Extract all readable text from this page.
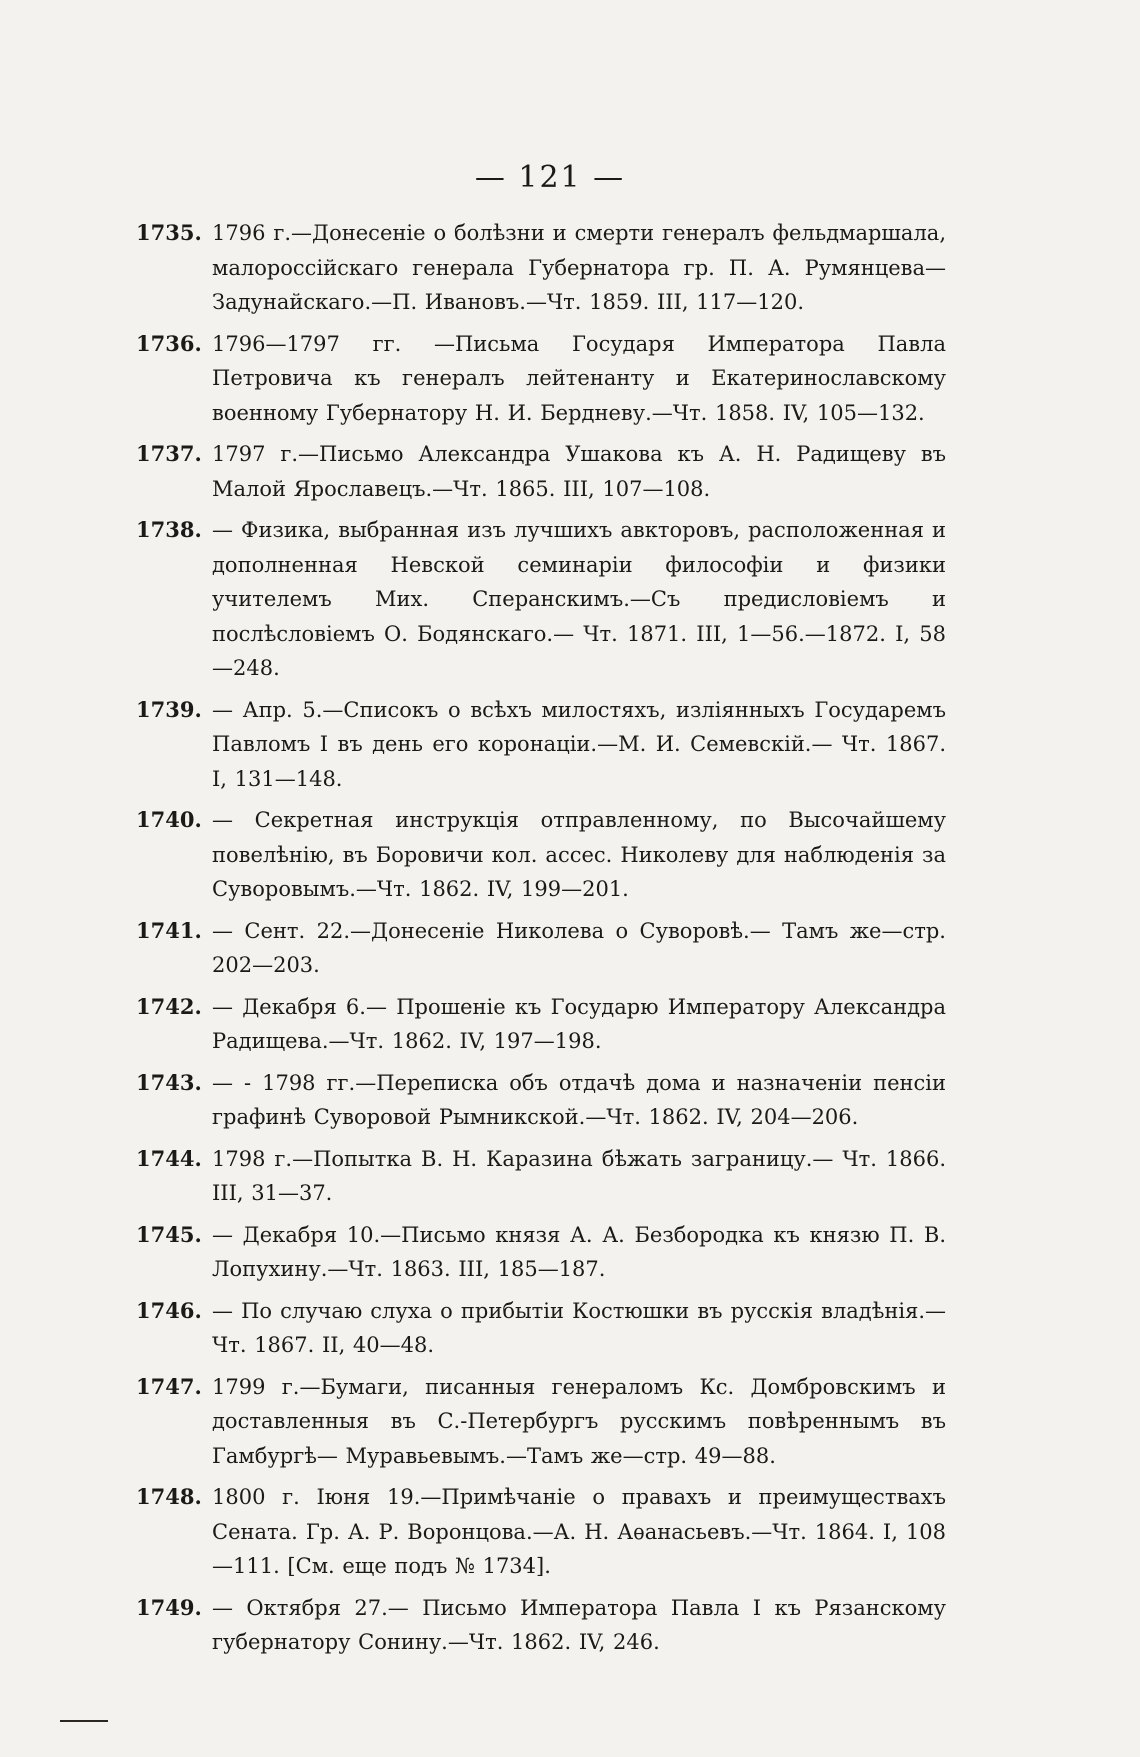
— 121 —
1735. 1796 г.—Донесеніе о болѣзни и смерти генералъ фельдмаршала, малороссійскаго генерала Губернатора гр. П. А. Румянцева—Задунайскаго.—П. Ивановъ.—Чт. 1859. III, 117—120.
1736. 1796—1797 гг. —Письма Государя Императора Павла Петровича къ генералъ лейтенанту и Екатеринославскому военному Губернатору Н. И. Бердневу.—Чт. 1858. IV, 105—132.
1737. 1797 г.—Письмо Александра Ушакова къ А. Н. Радищеву въ Малой Ярославецъ.—Чт. 1865. III, 107—108.
1738. — Физика, выбранная изъ лучшихъ авкторовъ, расположенная и дополненная Невской семинаріи философіи и физики учителемъ Мих. Сперанскимъ.—Съ предисловіемъ и послѣсловіемъ О. Бодянскаго.— Чт. 1871. III, 1—56.—1872. I, 58—248.
1739. — Апр. 5.—Списокъ о всѣхъ милостяхъ, изліянныхъ Государемъ Павломъ I въ день его коронаціи.—М. И. Семевскій.— Чт. 1867. I, 131—148.
1740. — Секретная инструкція отправленному, по Высочайшему повелѣнію, въ Боровичи кол. ассес. Николеву для наблюденія за Суворовымъ.—Чт. 1862. IV, 199—201.
1741. — Сент. 22.—Донесеніе Николева о Суворовѣ.— Тамъ же—стр. 202—203.
1742. — Декабря 6.— Прошеніе къ Государю Императору Александра Радищева.—Чт. 1862. IV, 197—198.
1743. — - 1798 гг.—Переписка объ отдачѣ дома и назначеніи пенсіи графинѣ Суворовой Рымникской.—Чт. 1862. IV, 204—206.
1744. 1798 г.—Попытка В. Н. Каразина бѣжать заграницу.— Чт. 1866. III, 31—37.
1745. — Декабря 10.—Письмо князя А. А. Безбородка къ князю П. В. Лопухину.—Чт. 1863. III, 185—187.
1746. — По случаю слуха о прибытіи Костюшки въ русскія владѣнія.— Чт. 1867. II, 40—48.
1747. 1799 г.—Бумаги, писанныя генераломъ Кс. Домбровскимъ и доставленныя въ С.-Петербургъ русскимъ повѣреннымъ въ Гамбургѣ— Муравьевымъ.—Тамъ же—стр. 49—88.
1748. 1800 г. Іюня 19.—Примѣчаніе о правахъ и преимуществахъ Сената. Гр. А. Р. Воронцова.—А. Н. Аѳанасьевъ.—Чт. 1864. I, 108—111. [См. еще подъ № 1734].
1749. — Октября 27.— Письмо Императора Павла I къ Рязанскому губернатору Сонину.—Чт. 1862. IV, 246.
